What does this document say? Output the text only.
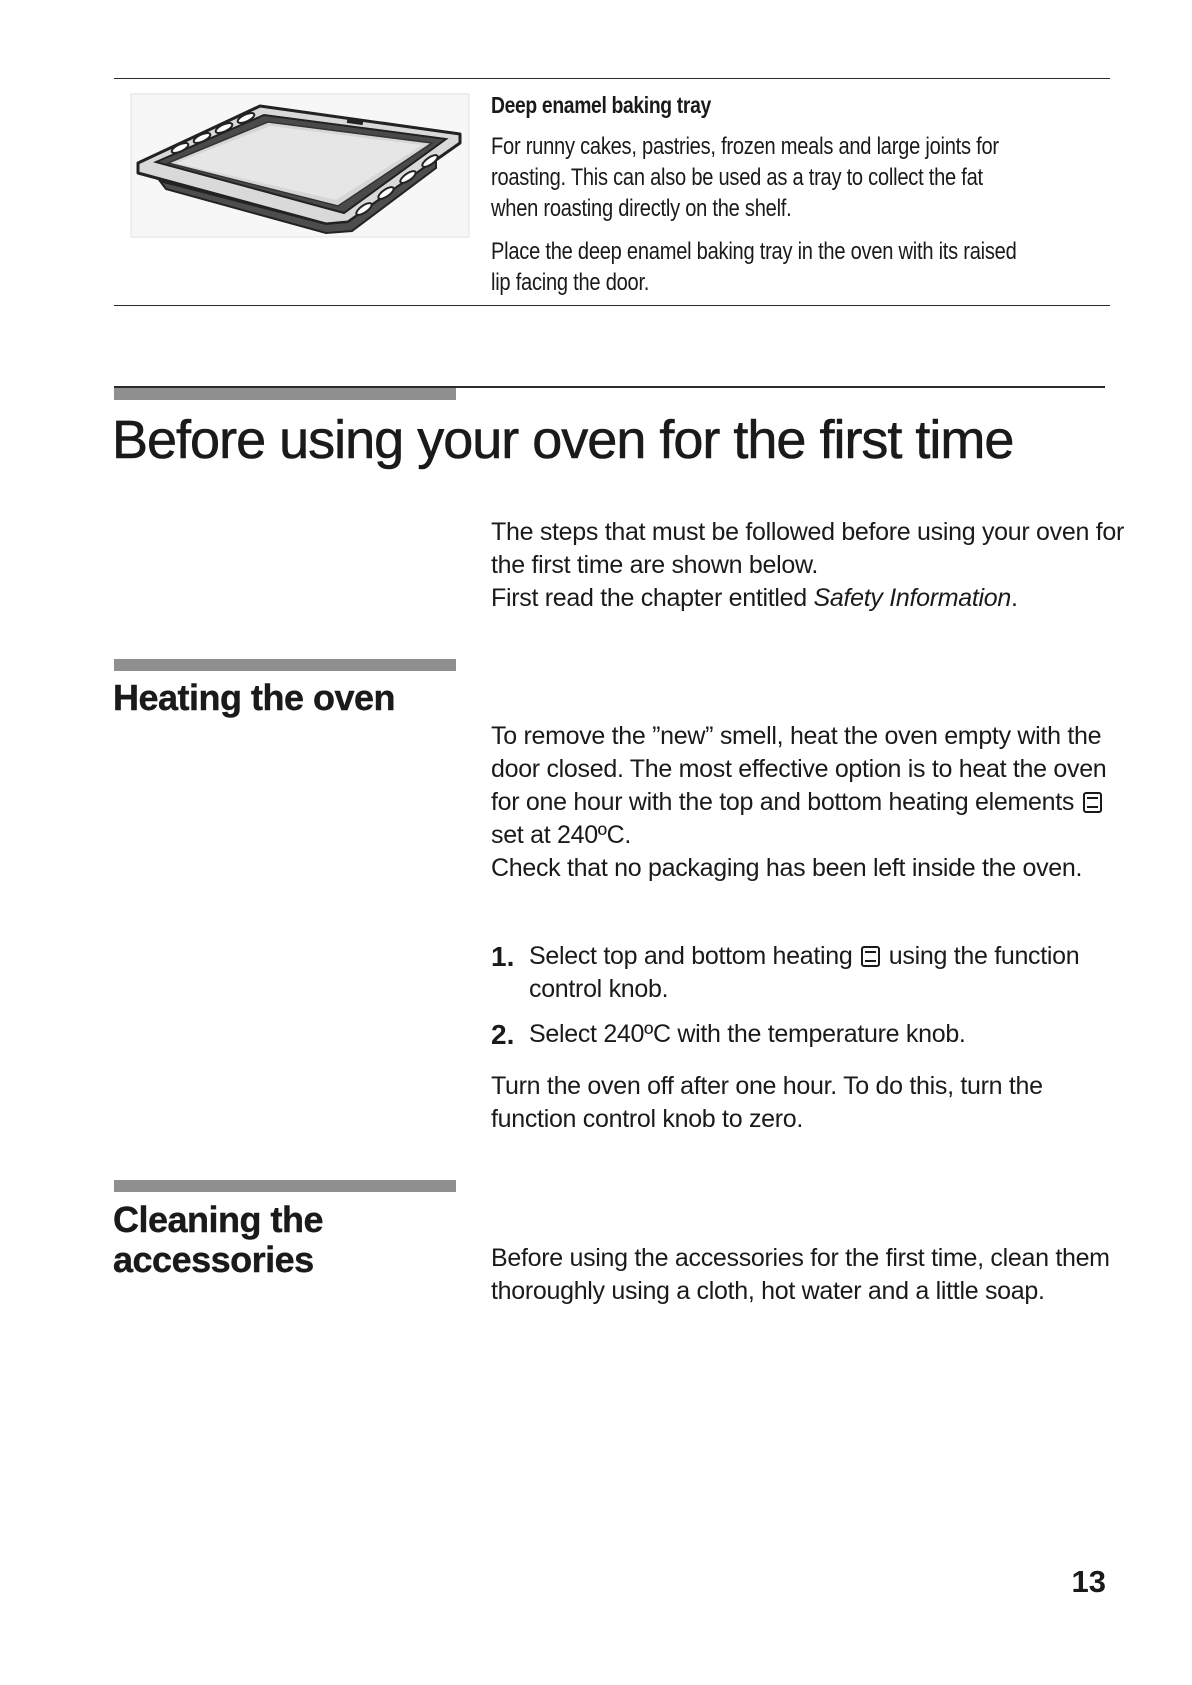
Deep enamel baking tray

For runny cakes, pastries, frozen meals and large joints for roasting. This can also be used as a tray to collect the fat when roasting directly on the shelf.

Place the deep enamel baking tray in the oven with its raised lip facing the door.

Before using your oven for the first time

The steps that must be followed before using your oven for the first time are shown below.
First read the chapter entitled Safety Information.

Heating the oven

To remove the ”new” smell, heat the oven empty with the door closed. The most effective option is to heat the oven for one hour with the top and bottom heating elements  set at 240ºC.
Check that no packaging has been left inside the oven.

1. Select top and bottom heating using the function control knob.
2. Select 240ºC with the temperature knob.

Turn the oven off after one hour. To do this, turn the function control knob to zero.

Cleaning the accessories	Before using the accessories for the first time, clean them thoroughly using a cloth, hot water and a little soap.

13
